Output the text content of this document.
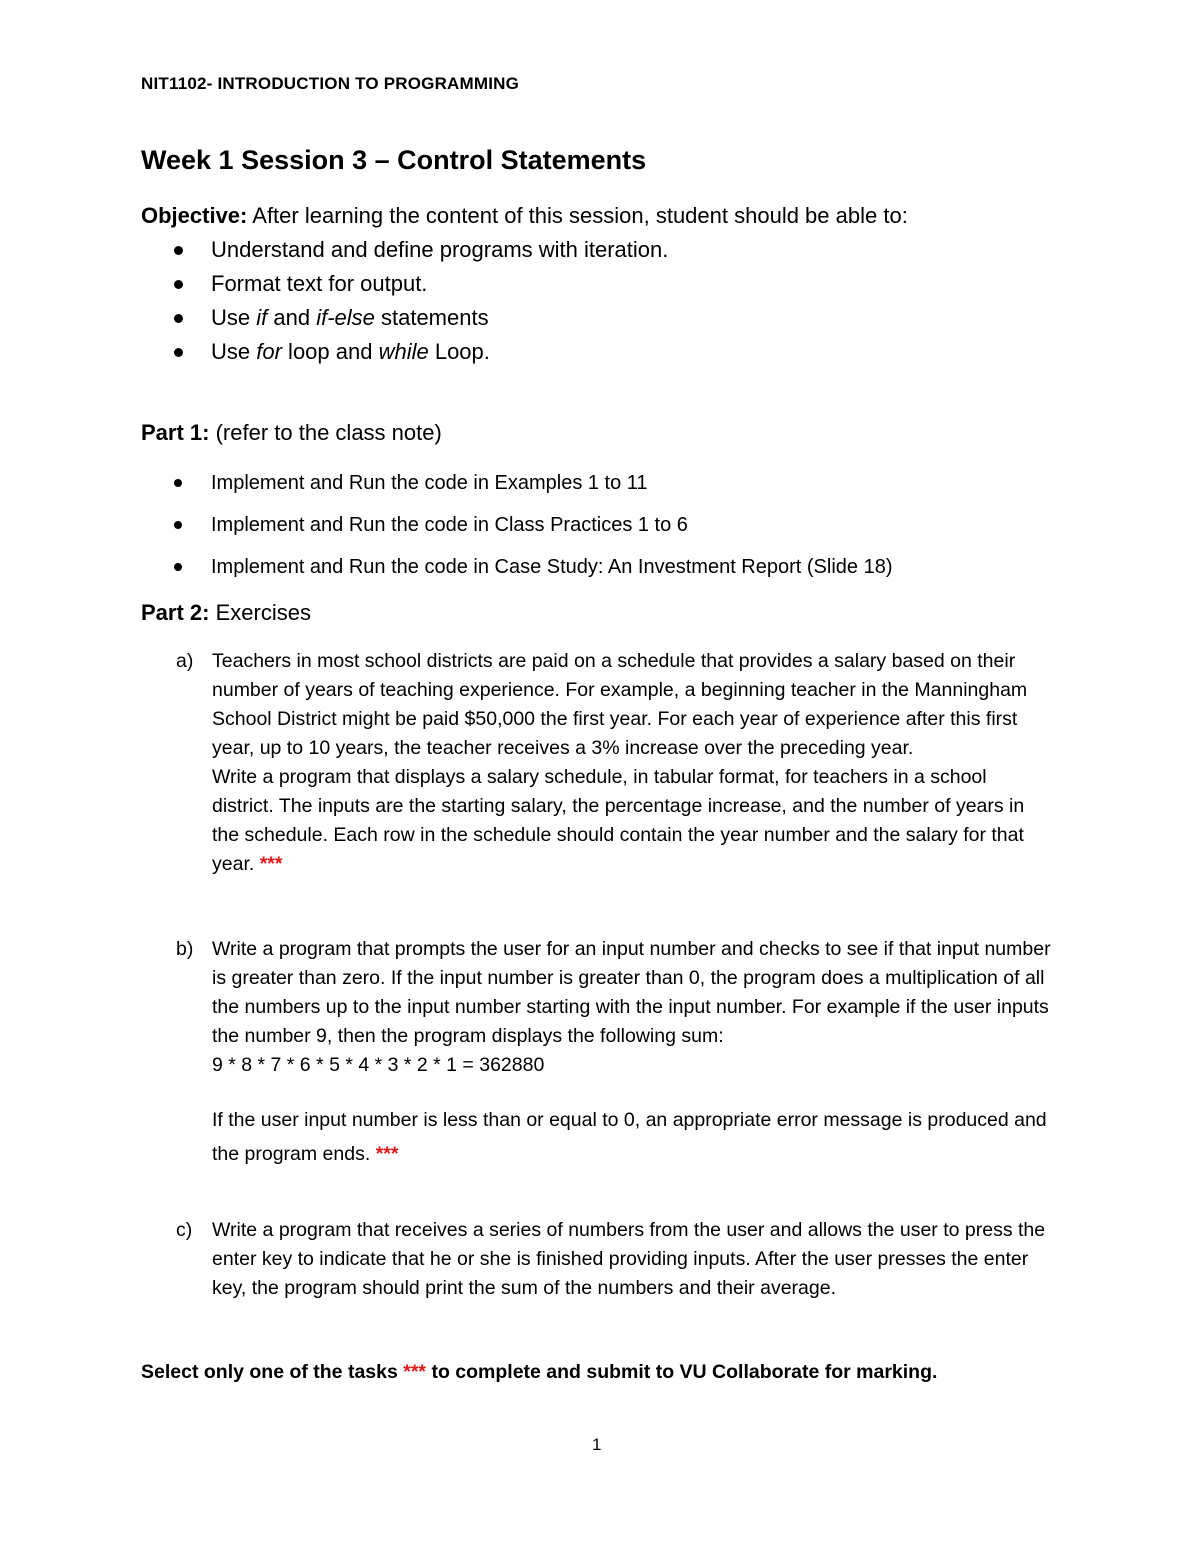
NIT1102- INTRODUCTION TO PROGRAMMING
Week 1 Session 3 – Control Statements
Objective: After learning the content of this session, student should be able to:
Understand and define programs with iteration.
Format text for output.
Use if and if-else statements
Use for loop and while Loop.
Part 1: (refer to the class note)
Implement and Run the code in Examples 1 to 11
Implement and Run the code in Class Practices 1 to 6
Implement and Run the code in Case Study: An Investment Report (Slide 18)
Part 2: Exercises
a) Teachers in most school districts are paid on a schedule that provides a salary based on their number of years of teaching experience. For example, a beginning teacher in the Manningham School District might be paid $50,000 the first year. For each year of experience after this first year, up to 10 years, the teacher receives a 3% increase over the preceding year.

Write a program that displays a salary schedule, in tabular format, for teachers in a school district. The inputs are the starting salary, the percentage increase, and the number of years in the schedule. Each row in the schedule should contain the year number and the salary for that year. ***

b) Write a program that prompts the user for an input number and checks to see if that input number is greater than zero. If the input number is greater than 0, the program does a multiplication of all the numbers up to the input number starting with the input number. For example if the user inputs the number 9, then the program displays the following sum:

9 * 8 * 7 * 6 * 5 * 4 * 3 * 2 * 1 = 362880

If the user input number is less than or equal to 0, an appropriate error message is produced and the program ends. ***

c)	Write a program that receives a series of numbers from the user and allows the user to press the enter key to indicate that he or she is finished providing inputs. After the user presses the enter key, the program should print the sum of the numbers and their average.

Select only one of the tasks *** to complete and submit to VU Collaborate for marking.
1
